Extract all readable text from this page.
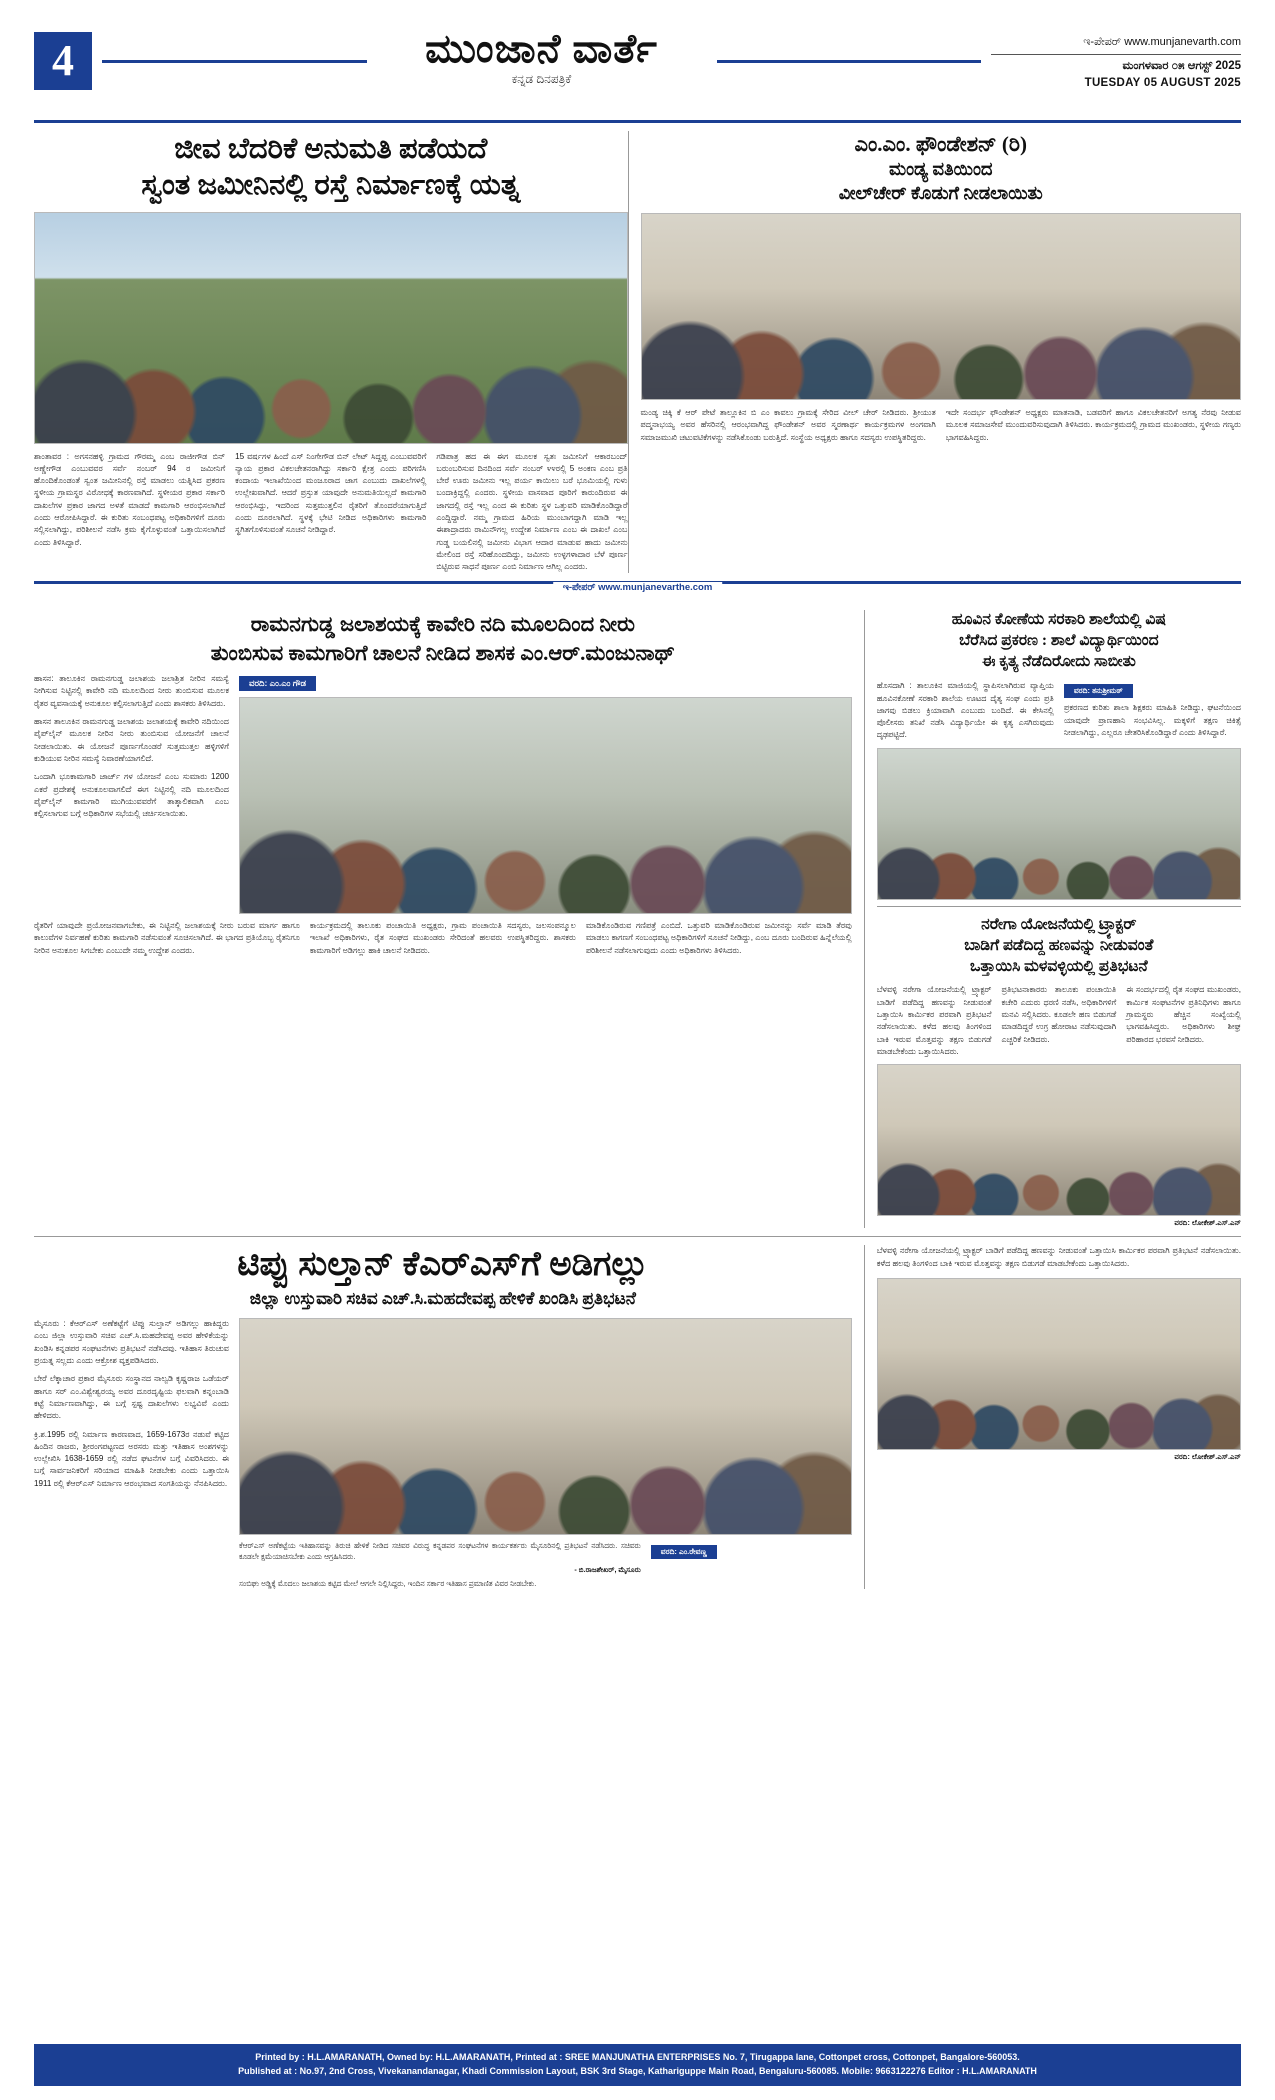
4	ಮುಂಜಾನೆ ವಾರ್ತೆ
ಕನ್ನಡ ದಿನಪತ್ರಿಕೆ
ಇ-ಪೇಪರ್ www.munjanevarth.com
ಮಂಗಳವಾರ ೦೫ ಆಗಸ್ಟ್ 2025
TUESDAY 05 AUGUST 2025
ಜೀವ ಬೆದರಿಕೆ ಅನುಮತಿ ಪಡೆಯದೆ
ಸ್ವಂತ ಜಮೀನಿನಲ್ಲಿ ರಸ್ತೆ ನಿರ್ಮಾಣಕ್ಕೆ ಯತ್ನ
ಶಾಂತಾವರ : ಅಗಸನಹಳ್ಳಿ ಗ್ರಾಮದ ಗೌರಮ್ಮ ಎಂಬ ರಾಜೀಗೌಡ ಬಿನ್ ಅಣ್ಣೇಗೌಡ ಎಂಬುವವರ ಸರ್ವೆ ನಂಬರ್ 94 ರ ಜಮೀನಿಗೆ ಹೊಂದಿಕೊಂಡಂತೆ ಸ್ವಂತ ಜಮೀನಿನಲ್ಲಿ ರಸ್ತೆ ಮಾಡಲು ಯತ್ನಿಸಿದ ಪ್ರಕರಣ ಸ್ಥಳೀಯ ಗ್ರಾಮಸ್ಥರ ವಿರೋಧಕ್ಕೆ ಕಾರಣವಾಗಿದೆ. ಸ್ಥಳೀಯರ ಪ್ರಕಾರ ಸರ್ಕಾರಿ ದಾಖಲೆಗಳ ಪ್ರಕಾರ ಜಾಗದ ಅಳತೆ ಮಾಡದೆ ಕಾಮಗಾರಿ ಆರಂಭಿಸಲಾಗಿದೆ ಎಂದು ಆರೋಪಿಸಿದ್ದಾರೆ. ಈ ಕುರಿತು ಸಂಬಂಧಪಟ್ಟ ಅಧಿಕಾರಿಗಳಿಗೆ ದೂರು ಸಲ್ಲಿಸಲಾಗಿದ್ದು, ಪರಿಶೀಲನೆ ನಡೆಸಿ ಕ್ರಮ ಕೈಗೊಳ್ಳುವಂತೆ ಒತ್ತಾಯಿಸಲಾಗಿದೆ ಎಂದು ತಿಳಿಸಿದ್ದಾರೆ.
15 ವರ್ಷಗಳ ಹಿಂದೆ ಎಸ್ ನಿಂಗೇಗೌಡ ಬಿನ್ ಲೇಟ್ ಸಿದ್ದಪ್ಪ ಎಂಬುವವರಿಗೆ ನ್ಯಾಯ ಪ್ರಕಾರ ವಿಕಲಚೇತನರಾಗಿದ್ದು ಸರ್ಕಾರಿ ಕ್ಷೇತ್ರ ಎಂದು ಪರಿಗಣಿಸಿ ಕಂದಾಯ ಇಲಾಖೆಯಿಂದ ಮಂಜೂರಾದ ಜಾಗ ಎಂಬುದು ದಾಖಲೆಗಳಲ್ಲಿ ಉಲ್ಲೇಖವಾಗಿದೆ. ಆದರೆ ಪ್ರಸ್ತುತ ಯಾವುದೇ ಅನುಮತಿಯಿಲ್ಲದೆ ಕಾಮಗಾರಿ ಆರಂಭಿಸಿದ್ದು, ಇದರಿಂದ ಸುತ್ತಮುತ್ತಲಿನ ರೈತರಿಗೆ ತೊಂದರೆಯಾಗುತ್ತಿದೆ ಎಂದು ದೂರಲಾಗಿದೆ. ಸ್ಥಳಕ್ಕೆ ಭೇಟಿ ನೀಡಿದ ಅಧಿಕಾರಿಗಳು ಕಾಮಗಾರಿ ಸ್ಥಗಿತಗೊಳಿಸುವಂತೆ ಸೂಚನೆ ನೀಡಿದ್ದಾರೆ.
ಗಡಿಪಾತ್ರ ಹದ ಈ ಈಗ ಮೂಲಕ ಸ್ವತಃ ಜಮೀನಿಗೆ ಆಕಾರಬಂದ್ ಬರುಂಬರಿಸುವ ದಿನದಿಂದ ಸರ್ವೆ ನಂಬರ್ ೪೪ರಲ್ಲಿ 5 ಅಂಕಣ ಎಂಬ ಪ್ರತಿ ಬೇರೆ ಊರು ಜಮೀನು ಇಲ್ಲ ಪರ್ಯ ಕಾಯಿಲು ಬರೆ ಭೂಮಿಯಲ್ಲಿ ಗುಳು ಬಂದಾಕ್ರಿದ್ದಲ್ಲಿ ಎಂದರು. ಸ್ಥಳೀಯ ವಾಸವಾದ ಪೂರಿಗೆ ಕಾರುಂದಿರುವ ಈ ಜಾಗದಲ್ಲಿ ರಸ್ತೆ ಇಲ್ಲ ಎಂದ ಈ ಕುರಿತು ಸ್ಥಳ ಒತ್ತುವರಿ ಮಾಡಿಕೊಂಡಿದ್ದಾರೆ ಎಂದ್ದಿದ್ದಾರೆ. ನಮ್ಮ ಗ್ರಾಮದ ಹಿರಿಯ ಮುಂಬಾಗದ್ದಾಗಿ ಮಾಡಿ ಇಲ್ಲ ಈಶಾದ್ರಾದರು ರಾಮಿನೌಗಲ್ಲ ಉದ್ದೇಶ ನಿರ್ಮಾಣ ಎಂಬ ಈ ದಾಖಲೆ ಎಂಬ ಗುಡ್ಡ ಬಯಲಿನಲ್ಲಿ ಜಮೀನು ವಿಭಾಗ ಆದಾರ ಮಾಡುವ ಹಾದು ಜಮೀನು ಮೇಲಿಂದ ರಸ್ತೆ ಸರಿಹೊಂದದಿದ್ದು, ಜಮೀನು ಉಳ್ಳಗಳಾದಾರ ಬೆಳೆ ಪೂರ್ಣ ಬಿಟ್ಟಿರುವ ಸಾಧನೆ ಪೂರ್ಣ ಎಂಬಿ ನಿರ್ಮಾಣ ಆಗಿಲ್ಲ ಎಂದರು.
ಎಂ.ಎಂ. ಫೌಂಡೇಶನ್ (ರಿ)
ಮಂಡ್ಯ ವತಿಯಿಂದ
ವೀಲ್‌ಚೇರ್ ಕೊಡುಗೆ ನೀಡಲಾಯಿತು
ಮಂಡ್ಯ ಚಿಕ್ಕಿ ಕೆ ಆರ್ ಪೇಟೆ ತಾಲ್ಲೂಕಿನ ಬಿ ಎಂ ಕಾವಲು ಗ್ರಾಮಕ್ಕೆ ಸೇರಿದ ವೀಲ್ ಚೇರ್ ನೀಡಿದರು. ಶ್ರೀಯುತ ಪದ್ಮನಾಭಯ್ಯ ಅವರ ಹೆಸರಿನಲ್ಲಿ ಆರಂಭವಾಗಿದ್ದ ಫೌಂಡೇಶನ್ ಅವರ ಸ್ಮರಣಾರ್ಥ ಕಾರ್ಯಕ್ರಮಗಳ ಅಂಗವಾಗಿ ಸಮಾಜಮುಖಿ ಚಟುವಟಿಕೆಗಳನ್ನು ನಡೆಸಿಕೊಂಡು ಬರುತ್ತಿದೆ. ಸಂಸ್ಥೆಯ ಅಧ್ಯಕ್ಷರು ಹಾಗೂ ಸದಸ್ಯರು ಉಪಸ್ಥಿತರಿದ್ದರು.
ಇದೇ ಸಂದರ್ಭ ಫೌಂಡೇಶನ್ ಅಧ್ಯಕ್ಷರು ಮಾತನಾಡಿ, ಬಡವರಿಗೆ ಹಾಗೂ ವಿಕಲಚೇತನರಿಗೆ ಅಗತ್ಯ ನೆರವು ನೀಡುವ ಮೂಲಕ ಸಮಾಜಸೇವೆ ಮುಂದುವರಿಸುವುದಾಗಿ ತಿಳಿಸಿದರು. ಕಾರ್ಯಕ್ರಮದಲ್ಲಿ ಗ್ರಾಮದ ಮುಖಂಡರು, ಸ್ಥಳೀಯ ಗಣ್ಯರು ಭಾಗವಹಿಸಿದ್ದರು.
ಇ-ಪೇಪರ್ www.munjanevarthe.com
ರಾಮನಗುಡ್ಡ ಜಲಾಶಯಕ್ಕೆ ಕಾವೇರಿ ನದಿ ಮೂಲದಿಂದ ನೀರು
ತುಂಬಿಸುವ ಕಾಮಗಾರಿಗೆ ಚಾಲನೆ ನೀಡಿದ ಶಾಸಕ ಎಂ.ಆರ್.ಮಂಜುನಾಥ್
ಹಾಸನ: ತಾಲೂಕಿನ ರಾಮನಗುಡ್ಡ ಜಲಾಶಯ ಜಲಾಶ್ರಿತ ನೀರಿನ ಸಮಸ್ಯೆ ನೀಗಿಸುವ ನಿಟ್ಟಿನಲ್ಲಿ ಕಾವೇರಿ ನದಿ ಮೂಲದಿಂದ ನೀರು ತುಂಬಿಸುವ ಮೂಲಕ ರೈತರ ವ್ಯವಸಾಯಕ್ಕೆ ಅನುಕೂಲ ಕಲ್ಪಿಸಲಾಗುತ್ತಿದೆ ಎಂದು ಶಾಸಕರು ತಿಳಿಸಿದರು.
ಹಾಸನ ತಾಲೂಕಿನ ರಾಮನಗುಡ್ಡ ಜಲಾಶಯ ಜಲಾಶಯಕ್ಕೆ ಕಾವೇರಿ ನದಿಯಿಂದ ಪೈಪ್‌ಲೈನ್ ಮೂಲಕ ನೀರಿನ ನೀರು ತುಂಬಿಸುವ ಯೋಜನೆಗೆ ಚಾಲನೆ ನೀಡಲಾಯಿತು. ಈ ಯೋಜನೆ ಪೂರ್ಣಗೊಂಡರೆ ಸುತ್ತಮುತ್ತಲ ಹಳ್ಳಿಗಳಿಗೆ ಕುಡಿಯುವ ನೀರಿನ ಸಮಸ್ಯೆ ನಿವಾರಣೆಯಾಗಲಿದೆ.
ಒಂದಾಗಿ ಭೂಕಾಮಗಾರಿ ಜಾರ್ಜ್‌ ಗಳ ಯೋಜನೆ ಎಂಬ ಸುಮಾರು 1200 ಎಕರೆ ಪ್ರದೇಶಕ್ಕೆ ಅನುಕೂಲವಾಗಲಿದೆ ಈಗ ನಿಟ್ಟಿನಲ್ಲಿ ನದಿ ಮೂಲದಿಂದ ಪೈಪ್‌ಲೈನ್ ಕಾಮಗಾರಿ ಮುಗಿಯುವವರೆಗೆ ತಾತ್ಕಾಲಿಕವಾಗಿ ಎಂಬ ಕಲ್ಪಿಸಲಾಗುವ ಬಗ್ಗೆ ಅಧಿಕಾರಿಗಳ ಸಭೆಯಲ್ಲಿ ಚರ್ಚಿಸಲಾಯಿತು.
ವರದಿ: ಎಂ.ಎಂ ಗೌಡ
ರೈತರಿಗೆ ಯಾವುದೇ ಪ್ರಯೋಜನವಾಗಬೇಕು, ಈ ನಿಟ್ಟಿನಲ್ಲಿ ಜಲಾಶಯಕ್ಕೆ ನೀರು ಬರುವ ಮಾರ್ಗ ಹಾಗೂ ಕಾಲುವೆಗಳ ನಿರ್ವಹಣೆ ಕುರಿತು ಕಾಮಗಾರಿ ನಡೆಸುವಂತೆ ಸೂಚಿಸಲಾಗಿದೆ. ಈ ಭಾಗದ ಪ್ರತಿಯೊಬ್ಬ ರೈತನಿಗೂ ನೀರಿನ ಅನುಕೂಲ ಸಿಗಬೇಕು ಎಂಬುದೇ ನಮ್ಮ ಉದ್ದೇಶ ಎಂದರು.
ಕಾರ್ಯಕ್ರಮದಲ್ಲಿ ತಾಲೂಕು ಪಂಚಾಯಿತಿ ಅಧ್ಯಕ್ಷರು, ಗ್ರಾಮ ಪಂಚಾಯಿತಿ ಸದಸ್ಯರು, ಜಲಸಂಪನ್ಮೂಲ ಇಲಾಖೆ ಅಧಿಕಾರಿಗಳು, ರೈತ ಸಂಘದ ಮುಖಂಡರು ಸೇರಿದಂತೆ ಹಲವರು ಉಪಸ್ಥಿತರಿದ್ದರು. ಶಾಸಕರು ಕಾಮಗಾರಿಗೆ ಅಡಿಗಲ್ಲು ಹಾಕಿ ಚಾಲನೆ ನೀಡಿದರು.
ಮಾಡಿಕೊಂಡಿರುವ ಗಣಿಪತ್ರೆ ಎಂಬಿದೆ. ಒತ್ತುವರಿ ಮಾಡಿಕೊಂಡಿರುವ ಜಮೀನನ್ನು ಸರ್ವೆ ಮಾಡಿ ತೆರವು ಮಾಡಲು ಕಾಗಣಗೆ ಸಂಬಂಧಪಟ್ಟ ಅಧಿಕಾರಿಗಳಿಗೆ ಸೂಚನೆ ನೀಡಿದ್ದು, ಎಂಬ ದೂರು ಬಂದಿರುವ ಹಿನ್ನೆಲೆಯಲ್ಲಿ ಪರಿಶೀಲನೆ ನಡೆಸಲಾಗುವುದು ಎಂದು ಅಧಿಕಾರಿಗಳು ತಿಳಿಸಿದರು.
ಹೂವಿನ ಕೋಣೆಯ ಸರಕಾರಿ ಶಾಲೆಯಲ್ಲಿ ವಿಷ
ಬೆರೆಸಿದ ಪ್ರಕರಣ : ಶಾಲೆ ವಿದ್ಯಾರ್ಥಿಯಿಂದ
ಈ ಕೃತ್ಯ ನೆಡೆದಿರೋದು ಸಾಬೀತು
ಹೊಸದಾಗಿ : ತಾಲೂಕಿನ ಮಾಜಿಯಲ್ಲಿ ಸ್ಥಾಪಿಸಲಾಗಿರುವ ವ್ಯಾಪ್ತಿಯ ಹೂವಿನಕೋಣೆ ಸರಕಾರಿ ಶಾಲೆಯ ಊಟದ ದೈತ್ಯ ಸಂಘ ಎಂದು ಪ್ರತಿ ಜಾಗವು ಬಿಡಲು ಕ್ರಿಯಾವಾಗಿ ಎಂಬುದು ಬಂದಿದೆ. ಈ ಕೇಸಿನಲ್ಲಿ ಪೊಲೀಸರು ತನಿಖೆ ನಡೆಸಿ ವಿದ್ಯಾರ್ಥಿಯೇ ಈ ಕೃತ್ಯ ಎಸಗಿರುವುದು ದೃಢಪಟ್ಟಿದೆ.
ವರದಿ: ತನುಶ್ರೀಮಠ್
ಪ್ರಕರಣದ ಕುರಿತು ಶಾಲಾ ಶಿಕ್ಷಕರು ಮಾಹಿತಿ ನೀಡಿದ್ದು, ಘಟನೆಯಿಂದ ಯಾವುದೇ ಪ್ರಾಣಹಾನಿ ಸಂಭವಿಸಿಲ್ಲ. ಮಕ್ಕಳಿಗೆ ತಕ್ಷಣ ಚಿಕಿತ್ಸೆ ನೀಡಲಾಗಿದ್ದು, ಎಲ್ಲರೂ ಚೇತರಿಸಿಕೊಂಡಿದ್ದಾರೆ ಎಂದು ತಿಳಿಸಿದ್ದಾರೆ.
ನರೇಗಾ ಯೋಜನೆಯಲ್ಲಿ ಟ್ರ್ಯಾಕ್ಟರ್
ಬಾಡಿಗೆ ಪಡೆದಿದ್ದ ಹಣವನ್ನು ನೀಡುವಂತೆ
ಒತ್ತಾಯಿಸಿ ಮಳವಳ್ಳಿಯಲ್ಲಿ ಪ್ರತಿಭಟನೆ
ಬೆಳವಳ್ಳಿ ನರೇಗಾ ಯೋಜನೆಯಲ್ಲಿ ಟ್ರ್ಯಾಕ್ಟರ್ ಬಾಡಿಗೆ ಪಡೆದಿದ್ದ ಹಣವನ್ನು ನೀಡುವಂತೆ ಒತ್ತಾಯಿಸಿ ಕಾರ್ಮಿಕರ ಪರವಾಗಿ ಪ್ರತಿಭಟನೆ ನಡೆಸಲಾಯಿತು. ಕಳೆದ ಹಲವು ತಿಂಗಳಿಂದ ಬಾಕಿ ಇರುವ ಮೊತ್ತವನ್ನು ತಕ್ಷಣ ಬಿಡುಗಡೆ ಮಾಡಬೇಕೆಂದು ಒತ್ತಾಯಿಸಿದರು.
ಪ್ರತಿಭಟನಾಕಾರರು ತಾಲೂಕು ಪಂಚಾಯಿತಿ ಕಚೇರಿ ಎದುರು ಧರಣಿ ನಡೆಸಿ, ಅಧಿಕಾರಿಗಳಿಗೆ ಮನವಿ ಸಲ್ಲಿಸಿದರು. ಕೂಡಲೇ ಹಣ ಬಿಡುಗಡೆ ಮಾಡದಿದ್ದರೆ ಉಗ್ರ ಹೋರಾಟ ನಡೆಸುವುದಾಗಿ ಎಚ್ಚರಿಕೆ ನೀಡಿದರು.
ಈ ಸಂದರ್ಭದಲ್ಲಿ ರೈತ ಸಂಘದ ಮುಖಂಡರು, ಕಾರ್ಮಿಕ ಸಂಘಟನೆಗಳ ಪ್ರತಿನಿಧಿಗಳು ಹಾಗೂ ಗ್ರಾಮಸ್ಥರು ಹೆಚ್ಚಿನ ಸಂಖ್ಯೆಯಲ್ಲಿ ಭಾಗವಹಿಸಿದ್ದರು. ಅಧಿಕಾರಿಗಳು ಶೀಘ್ರ ಪರಿಹಾರದ ಭರವಸೆ ನೀಡಿದರು.
ವರದಿ: ಲೋಕೇಶ್.ಎಸ್.ಎನ್
ಟಿಪ್ಪು ಸುಲ್ತಾನ್ ಕೆಎರ್‌ಎಸ್‌ಗೆ ಅಡಿಗಲ್ಲು
ಜಿಲ್ಲಾ ಉಸ್ತುವಾರಿ ಸಚಿವ ಎಚ್.ಸಿ.ಮಹದೇವಪ್ಪ ಹೇಳಿಕೆ ಖಂಡಿಸಿ ಪ್ರತಿಭಟನೆ
ಮೈಸೂರು : ಕೆಆರ್‌ಎಸ್ ಅಣೆಕಟ್ಟೆಗೆ ಟಿಪ್ಪು ಸುಲ್ತಾನ್ ಅಡಿಗಲ್ಲು ಹಾಕಿದ್ದರು ಎಂಬ ಜಿಲ್ಲಾ ಉಸ್ತುವಾರಿ ಸಚಿವ ಎಚ್.ಸಿ.ಮಹದೇವಪ್ಪ ಅವರ ಹೇಳಿಕೆಯನ್ನು ಖಂಡಿಸಿ ಕನ್ನಡಪರ ಸಂಘಟನೆಗಳು ಪ್ರತಿಭಟನೆ ನಡೆಸಿದವು. ಇತಿಹಾಸ ತಿರುಚುವ ಪ್ರಯತ್ನ ಸಲ್ಲದು ಎಂದು ಆಕ್ರೋಶ ವ್ಯಕ್ತಪಡಿಸಿದರು.
ಬೇರೆ ಲೆಕ್ಕಾಚಾರ ಪ್ರಕಾರ ಮೈಸೂರು ಸಂಸ್ಥಾನದ ನಾಲ್ವಡಿ ಕೃಷ್ಣರಾಜ ಒಡೆಯರ್ ಹಾಗೂ ಸರ್ ಎಂ.ವಿಶ್ವೇಶ್ವರಯ್ಯ ಅವರ ದೂರದೃಷ್ಟಿಯ ಫಲವಾಗಿ ಕನ್ನಂಬಾಡಿ ಕಟ್ಟೆ ನಿರ್ಮಾಣವಾಗಿದ್ದು, ಈ ಬಗ್ಗೆ ಸ್ಪಷ್ಟ ದಾಖಲೆಗಳು ಲಭ್ಯವಿವೆ ಎಂದು ಹೇಳಿದರು.
ಕ್ರಿ.ಶ.1995 ರಲ್ಲಿ ನಿರ್ಮಾಣ ಕಾರಣವಾದ, 1659-1673ರ ನಡುವೆ ಕಟ್ಟಿದ ಹಿಂದಿನ ರಾಜರು, ಶ್ರೀರಂಗಪಟ್ಟಣದ ಅರಸರು ಮತ್ತು ಇತಿಹಾಸ ಅಂಶಗಳನ್ನು ಉಲ್ಲೇಖಿಸಿ 1638-1659 ರಲ್ಲಿ ನಡೆದ ಘಟನೆಗಳ ಬಗ್ಗೆ ವಿವರಿಸಿದರು. ಈ ಬಗ್ಗೆ ಸಾರ್ವಜನಿಕರಿಗೆ ಸರಿಯಾದ ಮಾಹಿತಿ ನೀಡಬೇಕು ಎಂದು ಒತ್ತಾಯಿಸಿ 1911 ರಲ್ಲಿ ಕೆಆರ್‌ಎಸ್ ನಿರ್ಮಾಣ ಆರಂಭವಾದ ಸಂಗತಿಯನ್ನು ನೆನಪಿಸಿದರು.
ಕೆಆರ್‌ಎಸ್ ಅಣೆಕಟ್ಟೆಯ ಇತಿಹಾಸವನ್ನು ತಿರುಚಿ ಹೇಳಿಕೆ ನೀಡಿದ ಸಚಿವರ ವಿರುದ್ಧ ಕನ್ನಡಪರ ಸಂಘಟನೆಗಳ ಕಾರ್ಯಕರ್ತರು ಮೈಸೂರಿನಲ್ಲಿ ಪ್ರತಿಭಟನೆ ನಡೆಸಿದರು. ಸಚಿವರು ಕೂಡಲೇ ಕ್ಷಮೆಯಾಚಿಸಬೇಕು ಎಂದು ಆಗ್ರಹಿಸಿದರು.
- ಬಿ.ರಾಜಶೇಖರ್, ಮೈಸೂರು
ಸಂಬಿಘು ಅಡ್ಡಿಕ್ಕೆ ಮೊದಲು ಜಲಾಶಯ ಕಟ್ಟಿದ ಮೇಲೆ ಆಗಲೇ ನಿಲ್ಲಿಸಿದ್ದರು, ಇಂದಿನ ಸರ್ಕಾರ ಇತಿಹಾಸ ಪ್ರಮಾಣಿತ ವಿವರ ನೀಡಬೇಕು.
ವರದಿ: ಎಂ.ರೇವಣ್ಣ
ಬೆಳವಳ್ಳಿ ನರೇಗಾ ಯೋಜನೆಯಲ್ಲಿ ಟ್ರ್ಯಾಕ್ಟರ್ ಬಾಡಿಗೆ ಪಡೆದಿದ್ದ ಹಣವನ್ನು ನೀಡುವಂತೆ ಒತ್ತಾಯಿಸಿ ಕಾರ್ಮಿಕರ ಪರವಾಗಿ ಪ್ರತಿಭಟನೆ ನಡೆಸಲಾಯಿತು. ಕಳೆದ ಹಲವು ತಿಂಗಳಿಂದ ಬಾಕಿ ಇರುವ ಮೊತ್ತವನ್ನು ತಕ್ಷಣ ಬಿಡುಗಡೆ ಮಾಡಬೇಕೆಂದು ಒತ್ತಾಯಿಸಿದರು.
ವರದಿ: ಲೋಕೇಶ್.ಎಸ್.ಎನ್
Printed by : H.L.AMARANATH, Owned by: H.L.AMARANATH, Printed at : SREE MANJUNATHA ENTERPRISES No. 7, Tirugappa lane, Cottonpet cross, Cottonpet, Bangalore-560053.
Published at : No.97, 2nd Cross, Vivekanandanagar, Khadi Commission Layout, BSK 3rd Stage, Kathariguppe Main Road, Bengaluru-560085. Mobile: 9663122276 Editor : H.L.AMARANATH
